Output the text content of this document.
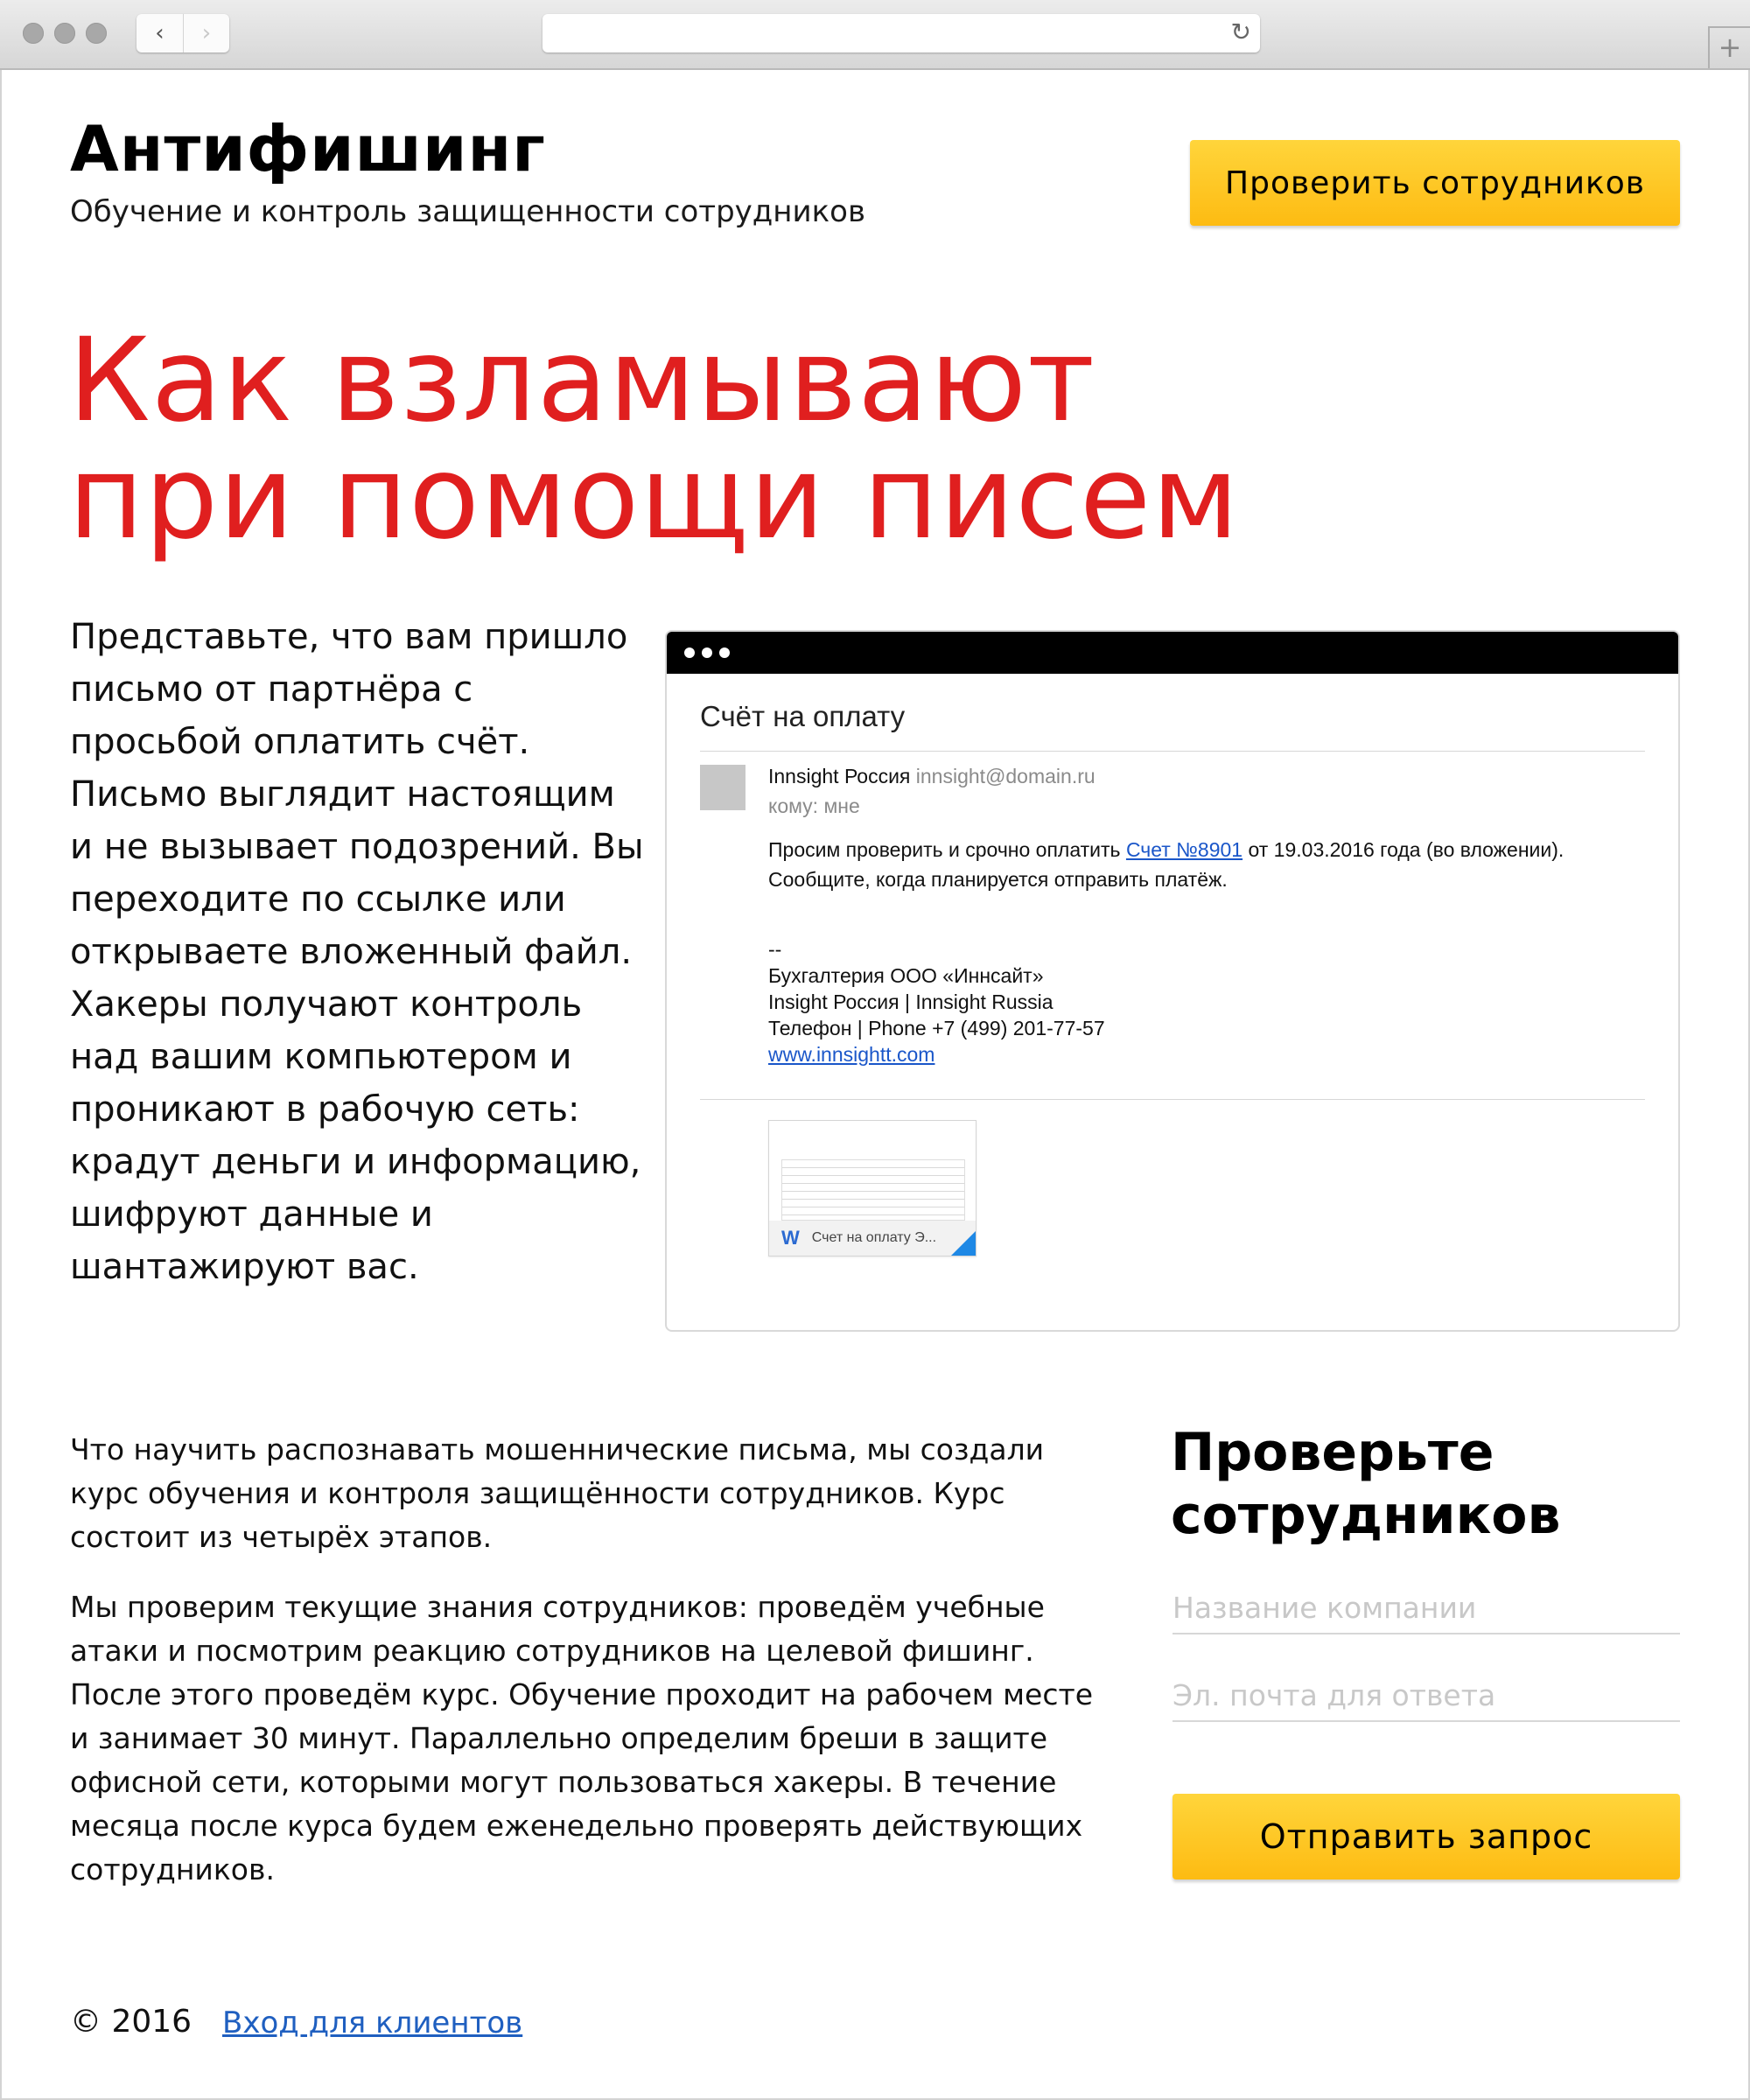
‹ ›	↻	+
Антифишинг
Обучение и контроль защищенности сотрудников
Проверить сотрудников
Как взламывают
при помощи писем
Представьте, что вам пришло письмо от партнёра с просьбой оплатить счёт. Письмо выглядит настоящим и не вызывает подозрений. Вы переходите по ссылке или открываете вложенный файл. Хакеры получают контроль над вашим компьютером и проникают в рабочую сеть: крадут деньги и информацию, шифруют данные и шантажируют вас.
Счёт на оплату
Innsight Россия innsight@domain.ru
кому: мне
Просим проверить и срочно оплатить Счет №8901 от 19.03.2016 года (во вложении).
Сообщите, когда планируется отправить платёж.
--
Бухгалтерия ООО «Иннсайт»
Insight Россия | Innsight Russia
Телефон | Phone +7 (499) 201-77-57
www.innsightt.com
W Счет на оплату Э...
Что научить распознавать мошеннические письма, мы создали курс обучения и контроля защищённости сотрудников. Курс состоит из четырёх этапов.
Мы проверим текущие знания сотрудников: проведём учебные атаки и посмотрим реакцию сотрудников на целевой фишинг. После этого проведём курс. Обучение проходит на рабочем месте и занимает 30 минут. Параллельно определим бреши в защите офисной сети, которыми могут пользоваться хакеры. В течение месяца после курса будем еженедельно проверять действующих сотрудников.
Проверьте
сотрудников
Название компании
Эл. почта для ответа
Отправить запрос
© 2016 Вход для клиентов
